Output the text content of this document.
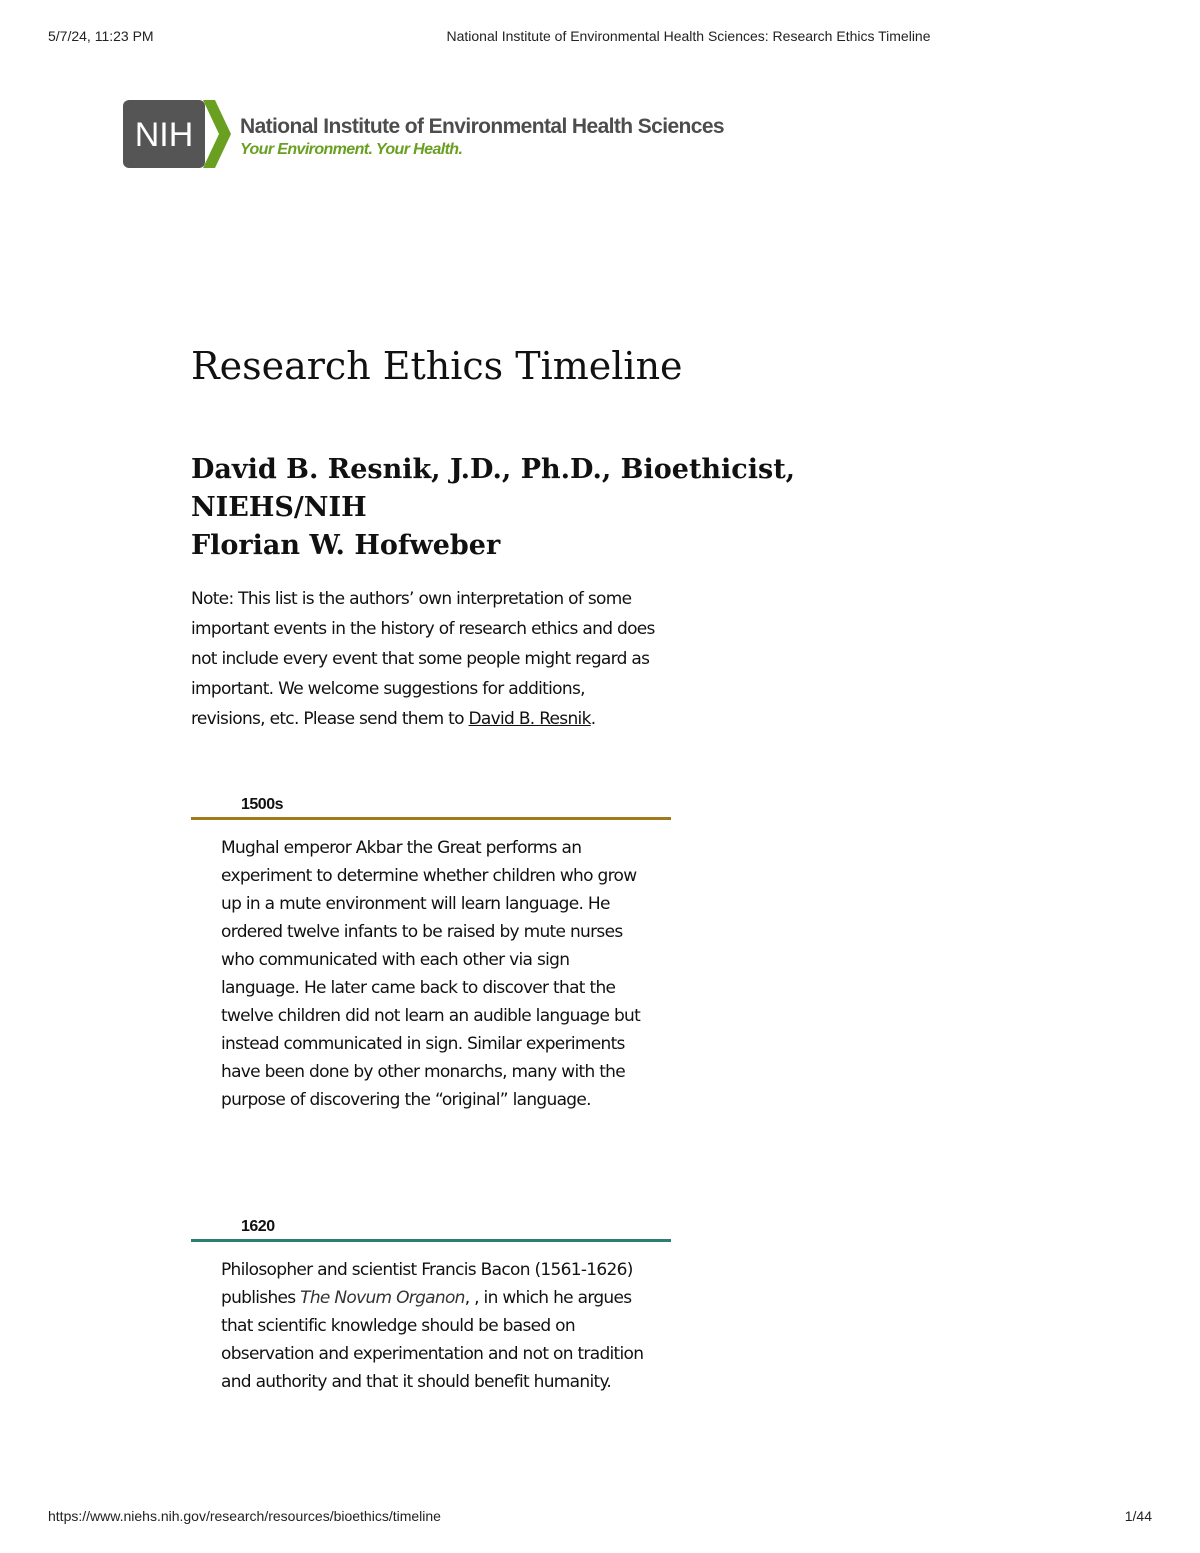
5/7/24, 11:23 PM	National Institute of Environmental Health Sciences: Research Ethics Timeline
NIH National Institute of Environmental Health Sciences
Your Environment. Your Health.
Research Ethics Timeline
David B. Resnik, J.D., Ph.D., Bioethicist,
NIEHS/NIH
Florian W. Hofweber

Note: This list is the authors’ own interpretation of some important events in the history of research ethics and does not include every event that some people might regard as important. We welcome suggestions for additions, revisions, etc. Please send them to David B. Resnik.

1500s

Mughal emperor Akbar the Great performs an experiment to determine whether children who grow up in a mute environment will learn language. He ordered twelve infants to be raised by mute nurses who communicated with each other via sign language. He later came back to discover that the twelve children did not learn an audible language but instead communicated in sign. Similar experiments have been done by other monarchs, many with the purpose of discovering the “original” language.

1620

Philosopher and scientist Francis Bacon (1561-1626) publishes The Novum Organon, , in which he argues that scientific knowledge should be based on observation and experimentation and not on tradition and authority and that it should benefit humanity.

https://www.niehs.nih.gov/research/resources/bioethics/timeline	1/44
